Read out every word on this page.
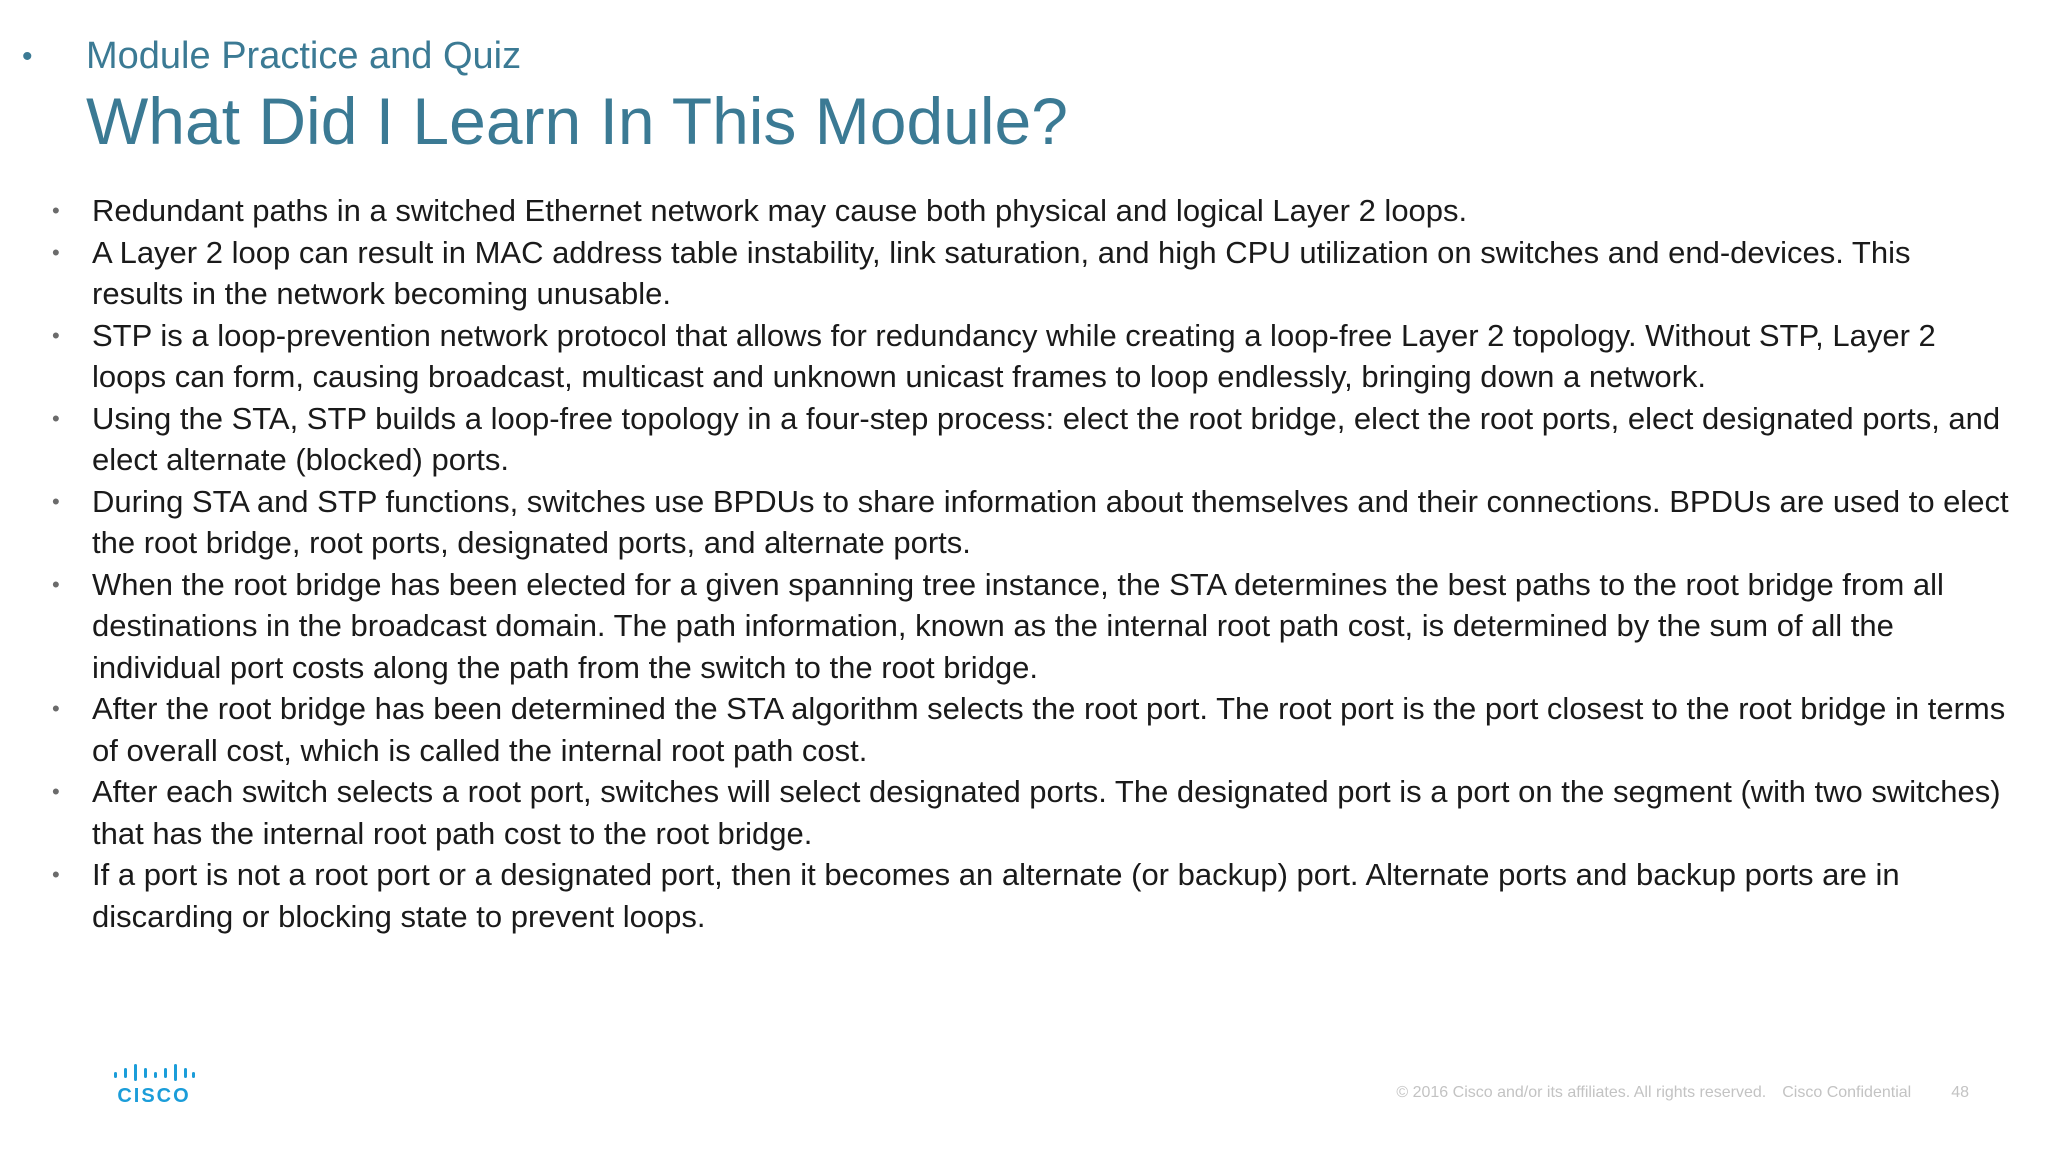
• Module Practice and Quiz
What Did I Learn In This Module?
• Redundant paths in a switched Ethernet network may cause both physical and logical Layer 2 loops.
• A Layer 2 loop can result in MAC address table instability, link saturation, and high CPU utilization on switches and end-devices. This results in the network becoming unusable.
• STP is a loop-prevention network protocol that allows for redundancy while creating a loop-free Layer 2 topology. Without STP, Layer 2 loops can form, causing broadcast, multicast and unknown unicast frames to loop endlessly, bringing down a network.
• Using the STA, STP builds a loop-free topology in a four-step process: elect the root bridge, elect the root ports, elect designated ports, and elect alternate (blocked) ports.
• During STA and STP functions, switches use BPDUs to share information about themselves and their connections. BPDUs are used to elect the root bridge, root ports, designated ports, and alternate ports.
• When the root bridge has been elected for a given spanning tree instance, the STA determines the best paths to the root bridge from all destinations in the broadcast domain. The path information, known as the internal root path cost, is determined by the sum of all the individual port costs along the path from the switch to the root bridge.
• After the root bridge has been determined the STA algorithm selects the root port. The root port is the port closest to the root bridge in terms of overall cost, which is called the internal root path cost.
• After each switch selects a root port, switches will select designated ports. The designated port is a port on the segment (with two switches) that has the internal root path cost to the root bridge.
• If a port is not a root port or a designated port, then it becomes an alternate (or backup) port. Alternate ports and backup ports are in discarding or blocking state to prevent loops.
CISCO	© 2016 Cisco and/or its affiliates. All rights reserved. Cisco Confidential	48
